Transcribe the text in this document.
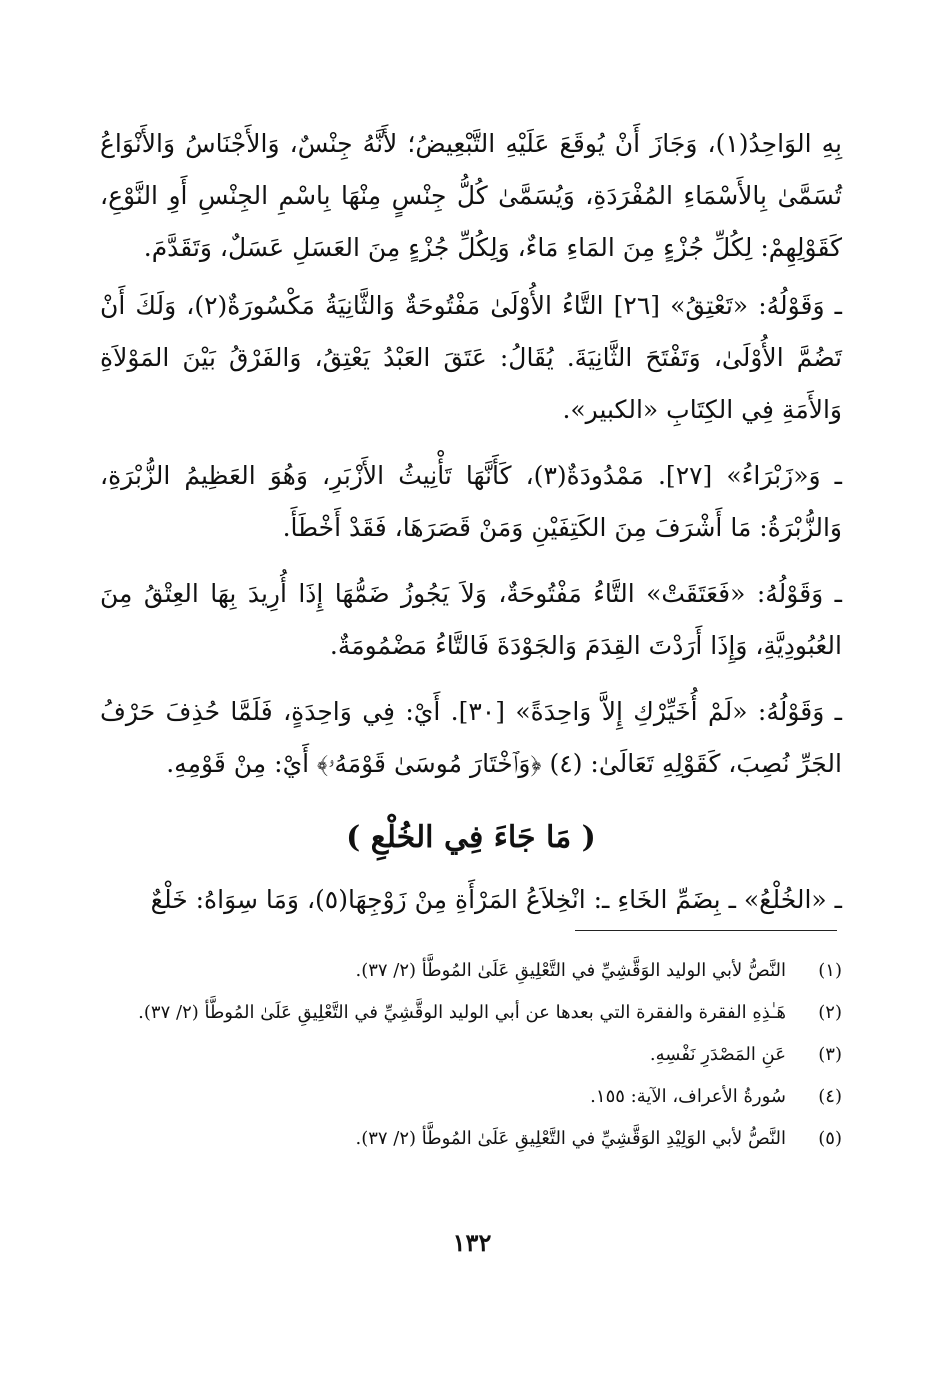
بِهِ الوَاحِدُ(١)، وَجَازَ أَنْ يُوقَعَ عَلَيْهِ التَّبْعِيضُ؛ لأَنَّهُ جِنْسٌ، وَالأَجْنَاسُ وَالأَنْوَاعُ تُسَمَّىٰ بِالأَسْمَاءِ المُفْرَدَةِ، وَيُسَمَّىٰ كُلُّ جِنْسٍ مِنْهَا بِاسْمِ الجِنْسِ أَوِ النَّوْعِ، كَقَوْلِهِمْ: لِكُلِّ جُزْءٍ مِنَ المَاءِ مَاءٌ، وَلِكُلِّ جُزْءٍ مِنَ العَسَلِ عَسَلٌ، وَتَقَدَّمَ.

ـ وَقَوْلُهُ: «تَعْتِقُ» [٢٦] التَّاءُ الأُوْلَىٰ مَفْتُوحَةٌ وَالثَّانِيَةُ مَكْسُورَةٌ(٢)، وَلَكَ أَنْ تَضُمَّ الأُوْلَىٰ، وَتَفْتَحَ الثَّانِيَةَ. يُقَالُ: عَتَقَ العَبْدُ يَعْتِقُ، وَالفَرْقُ بَيْنَ المَوْلاَةِ وَالأَمَةِ فِي الكِتَابِ «الكبير».

ـ وَ«زَبْرَاءُ» [٢٧]. مَمْدُودَةٌ(٣)، كَأَنَّهَا تَأْنِيثُ الأَزْبَرِ، وَهُوَ العَظِيمُ الزُّبْرَةِ، وَالزُّبْرَةُ: مَا أَشْرَفَ مِنَ الكَتِفَيْنِ وَمَنْ قَصَرَهَا، فَقَدْ أَخْطَأَ.

ـ وَقَوْلُهُ: «فَعَتَقَتْ» التَّاءُ مَفْتُوحَةٌ، وَلاَ يَجُوزُ ضَمُّهَا إِذَا أُرِيدَ بِهَا العِتْقُ مِنَ العُبُودِيَّةِ، وَإِذَا أَرَدْتَ القِدَمَ وَالجَوْدَةَ فَالتَّاءُ مَضْمُومَةٌ.

ـ وَقَوْلُهُ: «لَمْ أُخَيِّرْكِ إِلاَّ وَاحِدَةً» [٣٠]. أَيْ: فِي وَاحِدَةٍ، فَلَمَّا حُذِفَ حَرْفُ الجَرِّ نُصِبَ، كَقَوْلِهِ تَعَالَىٰ: (٤) ﴿وَٱخْتَارَ مُوسَىٰ قَوْمَهُۥ﴾ أَيْ: مِنْ قَوْمِهِ.

( مَا جَاءَ فِي الخُلْعِ )

ـ «الخُلْعُ» ـ بِضَمِّ الخَاءِ ـ: انْخِلاَعُ المَرْأَةِ مِنْ زَوْجِهَا(٥)، وَمَا سِوَاهُ: خَلْعٌ

(١)
النَّصُّ لأبي الوليد الوَقَّشِيِّ في التَّعْلِيقِ عَلَىٰ المُوطَّأ (٢/ ٣٧).
(٢)
هَـٰذِهِ الفقرة والفقرة التي بعدها عن أبي الوليد الوقَّشِيِّ في التَّعْلِيقِ عَلَىٰ المُوطَّأ (٢/ ٣٧).
(٣)
عَنِ المَصْدَرِ نَفْسِهِ.
(٤)
سُورةُ الأعراف، الآية: ١٥٥.
(٥)
النَّصُّ لأبي الوَلِيْدِ الوَقَّشِيِّ في التَّعْلِيقِ عَلَىٰ المُوطَّأ (٢/ ٣٧).
١٣٢
